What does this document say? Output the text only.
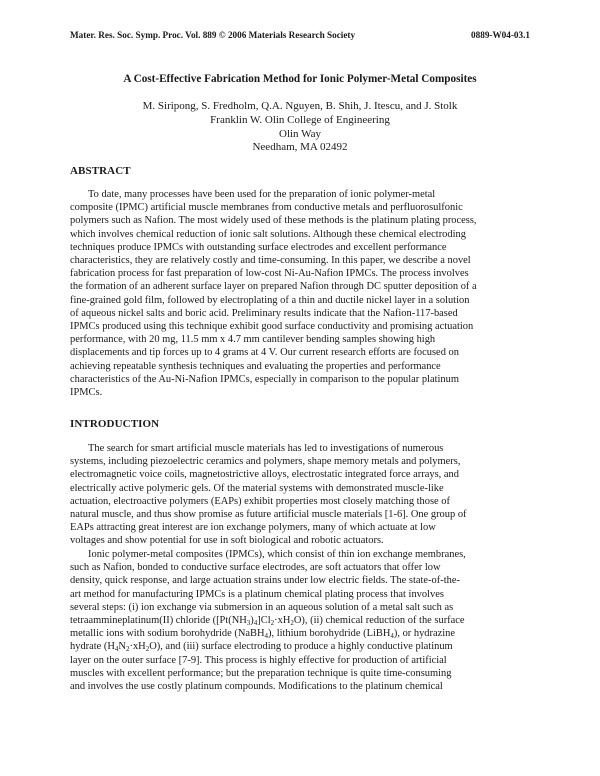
Mater. Res. Soc. Symp. Proc. Vol. 889 © 2006 Materials Research Society	0889-W04-03.1
A Cost-Effective Fabrication Method for Ionic Polymer-Metal Composites
M. Siripong, S. Fredholm, Q.A. Nguyen, B. Shih, J. Itescu, and J. Stolk
Franklin W. Olin College of Engineering
Olin Way
Needham, MA 02492
ABSTRACT
To date, many processes have been used for the preparation of ionic polymer-metal
composite (IPMC) artificial muscle membranes from conductive metals and perfluorosulfonic
polymers such as Nafion. The most widely used of these methods is the platinum plating process,
which involves chemical reduction of ionic salt solutions. Although these chemical electroding
techniques produce IPMCs with outstanding surface electrodes and excellent performance
characteristics, they are relatively costly and time-consuming. In this paper, we describe a novel
fabrication process for fast preparation of low-cost Ni-Au-Nafion IPMCs. The process involves
the formation of an adherent surface layer on prepared Nafion through DC sputter deposition of a
fine-grained gold film, followed by electroplating of a thin and ductile nickel layer in a solution
of aqueous nickel salts and boric acid. Preliminary results indicate that the Nafion-117-based
IPMCs produced using this technique exhibit good surface conductivity and promising actuation
performance, with 20 mg, 11.5 mm x 4.7 mm cantilever bending samples showing high
displacements and tip forces up to 4 grams at 4 V. Our current research efforts are focused on
achieving repeatable synthesis techniques and evaluating the properties and performance
characteristics of the Au-Ni-Nafion IPMCs, especially in comparison to the popular platinum
IPMCs.
INTRODUCTION
The search for smart artificial muscle materials has led to investigations of numerous
systems, including piezoelectric ceramics and polymers, shape memory metals and polymers,
electromagnetic voice coils, magnetostrictive alloys, electrostatic integrated force arrays, and
electrically active polymeric gels. Of the material systems with demonstrated muscle-like
actuation, electroactive polymers (EAPs) exhibit properties most closely matching those of
natural muscle, and thus show promise as future artificial muscle materials [1-6]. One group of
EAPs attracting great interest are ion exchange polymers, many of which actuate at low
voltages and show potential for use in soft biological and robotic actuators.
Ionic polymer-metal composites (IPMCs), which consist of thin ion exchange membranes,
such as Nafion, bonded to conductive surface electrodes, are soft actuators that offer low
density, quick response, and large actuation strains under low electric fields. The state-of-the-
art method for manufacturing IPMCs is a platinum chemical plating process that involves
several steps: (i) ion exchange via submersion in an aqueous solution of a metal salt such as
tetraammineplatinum(II) chloride $([Pt(NH_3)_4]Cl_2\cdot xH_2O)$, (ii) chemical reduction of the surface
metallic ions with sodium borohydride (NaBH$_4$), lithium borohydride (LiBH$_4$), or hydrazine
hydrate $(H_4N_2\cdot xH_2O)$, and (iii) surface electroding to produce a highly conductive platinum
layer on the outer surface [7-9]. This process is highly effective for production of artificial
muscles with excellent performance; but the preparation technique is quite time-consuming
and involves the use costly platinum compounds. Modifications to the platinum chemical
